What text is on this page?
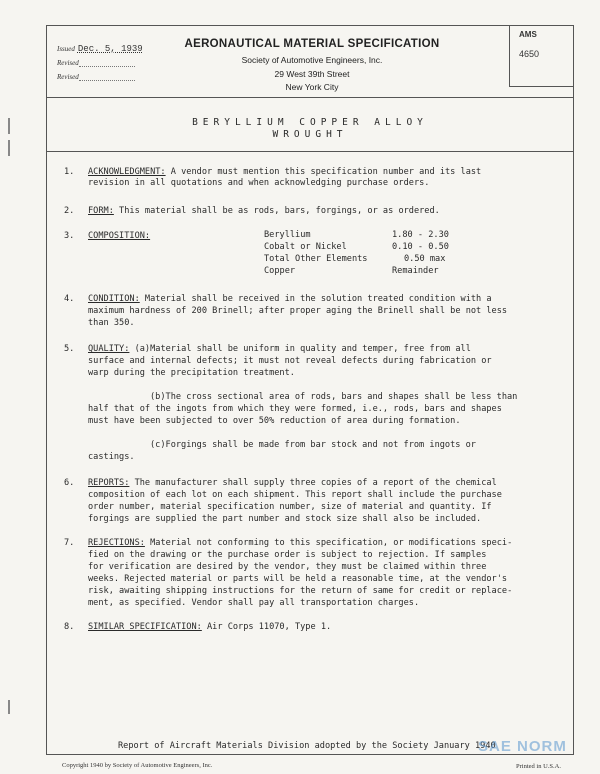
AMS
4650
Issued Dec. 5, 1939
Revised
Revised
AERONAUTICAL MATERIAL SPECIFICATION
Society of Automotive Engineers, Inc.
29 West 39th Street
New York City
BERYLLIUM COPPER ALLOY
WROUGHT
1. ACKNOWLEDGMENT: A vendor must mention this specification number and its last
revision in all quotations and when acknowledging purchase orders.
2. FORM: This material shall be as rods, bars, forgings, or as ordered.
3. COMPOSITION:	Beryllium	1.80 - 2.30
Cobalt or Nickel	0.10 - 0.50
Total Other Elements	0.50 max
Copper	Remainder
4. CONDITION: Material shall be received in the solution treated condition with a
maximum hardness of 200 Brinell; after proper aging the Brinell shall be not less
than 350.
5. QUALITY: (a)Material shall be uniform in quality and temper, free from all
surface and internal defects; it must not reveal defects during fabrication or
warp during the precipitation treatment.
(b)The cross sectional area of rods, bars and shapes shall be less than
half that of the ingots from which they were formed, i.e., rods, bars and shapes
must have been subjected to over 50% reduction of area during formation.
(c)Forgings shall be made from bar stock and not from ingots or
castings.
6. REPORTS: The manufacturer shall supply three copies of a report of the chemical
composition of each lot on each shipment. This report shall include the purchase
order number, material specification number, size of material and quantity. If
forgings are supplied the part number and stock size shall also be included.
7. REJECTIONS: Material not conforming to this specification, or modifications speci-
fied on the drawing or the purchase order is subject to rejection. If samples
for verification are desired by the vendor, they must be claimed within three
weeks. Rejected material or parts will be held a reasonable time, at the vendor's
risk, awaiting shipping instructions for the return of same for credit or replace-
ment, as specified. Vendor shall pay all transportation charges.
8. SIMILAR SPECIFICATION: Air Corps 11070, Type 1.
Report of Aircraft Materials Division adopted by the Society January 1940
Copyright 1940 by Society of Automotive Engineers, Inc.	Printed in U.S.A.
SAE NORM
